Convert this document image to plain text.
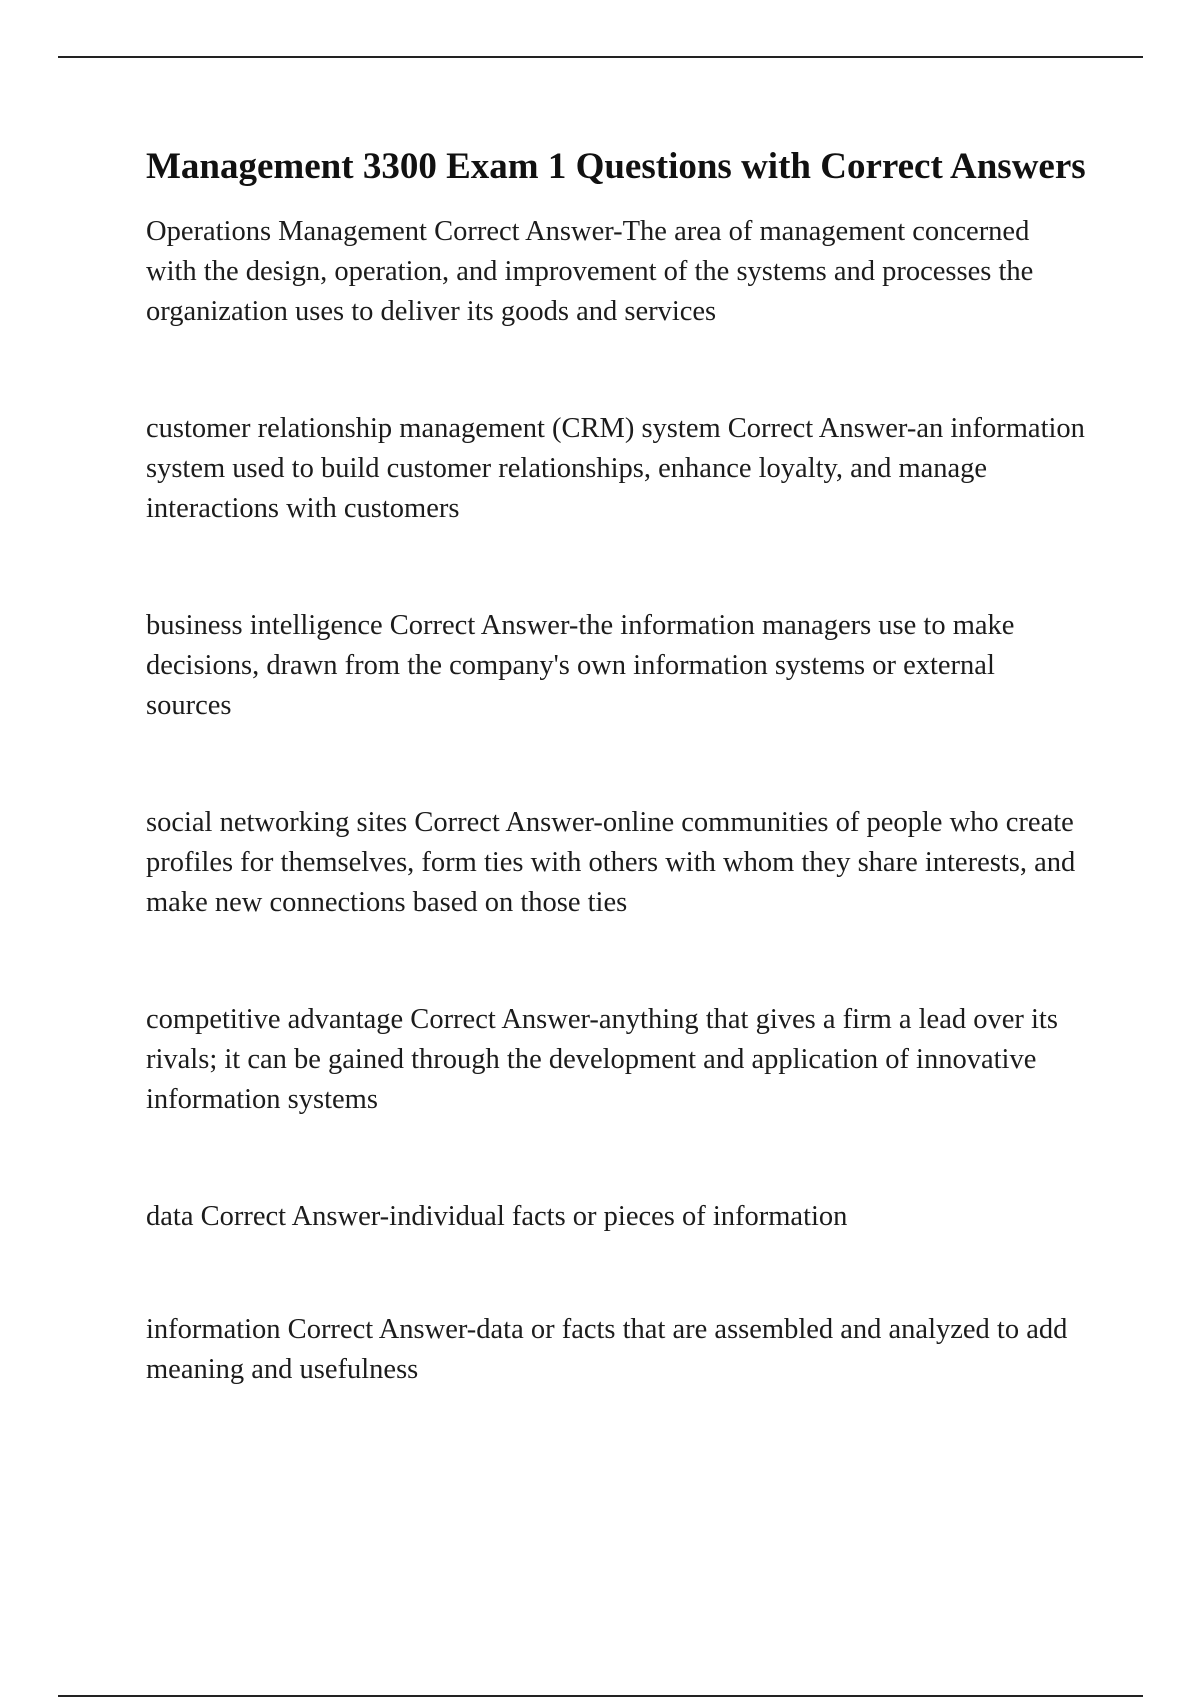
Management 3300 Exam 1 Questions with Correct Answers
Operations Management Correct Answer-The area of management concerned with the design, operation, and improvement of the systems and processes the organization uses to deliver its goods and services
customer relationship management (CRM) system Correct Answer-an information system used to build customer relationships, enhance loyalty, and manage interactions with customers
business intelligence Correct Answer-the information managers use to make decisions, drawn from the company's own information systems or external sources
social networking sites Correct Answer-online communities of people who create profiles for themselves, form ties with others with whom they share interests, and make new connections based on those ties
competitive advantage Correct Answer-anything that gives a firm a lead over its rivals; it can be gained through the development and application of innovative information systems
data Correct Answer-individual facts or pieces of information
information Correct Answer-data or facts that are assembled and analyzed to add meaning and usefulness
